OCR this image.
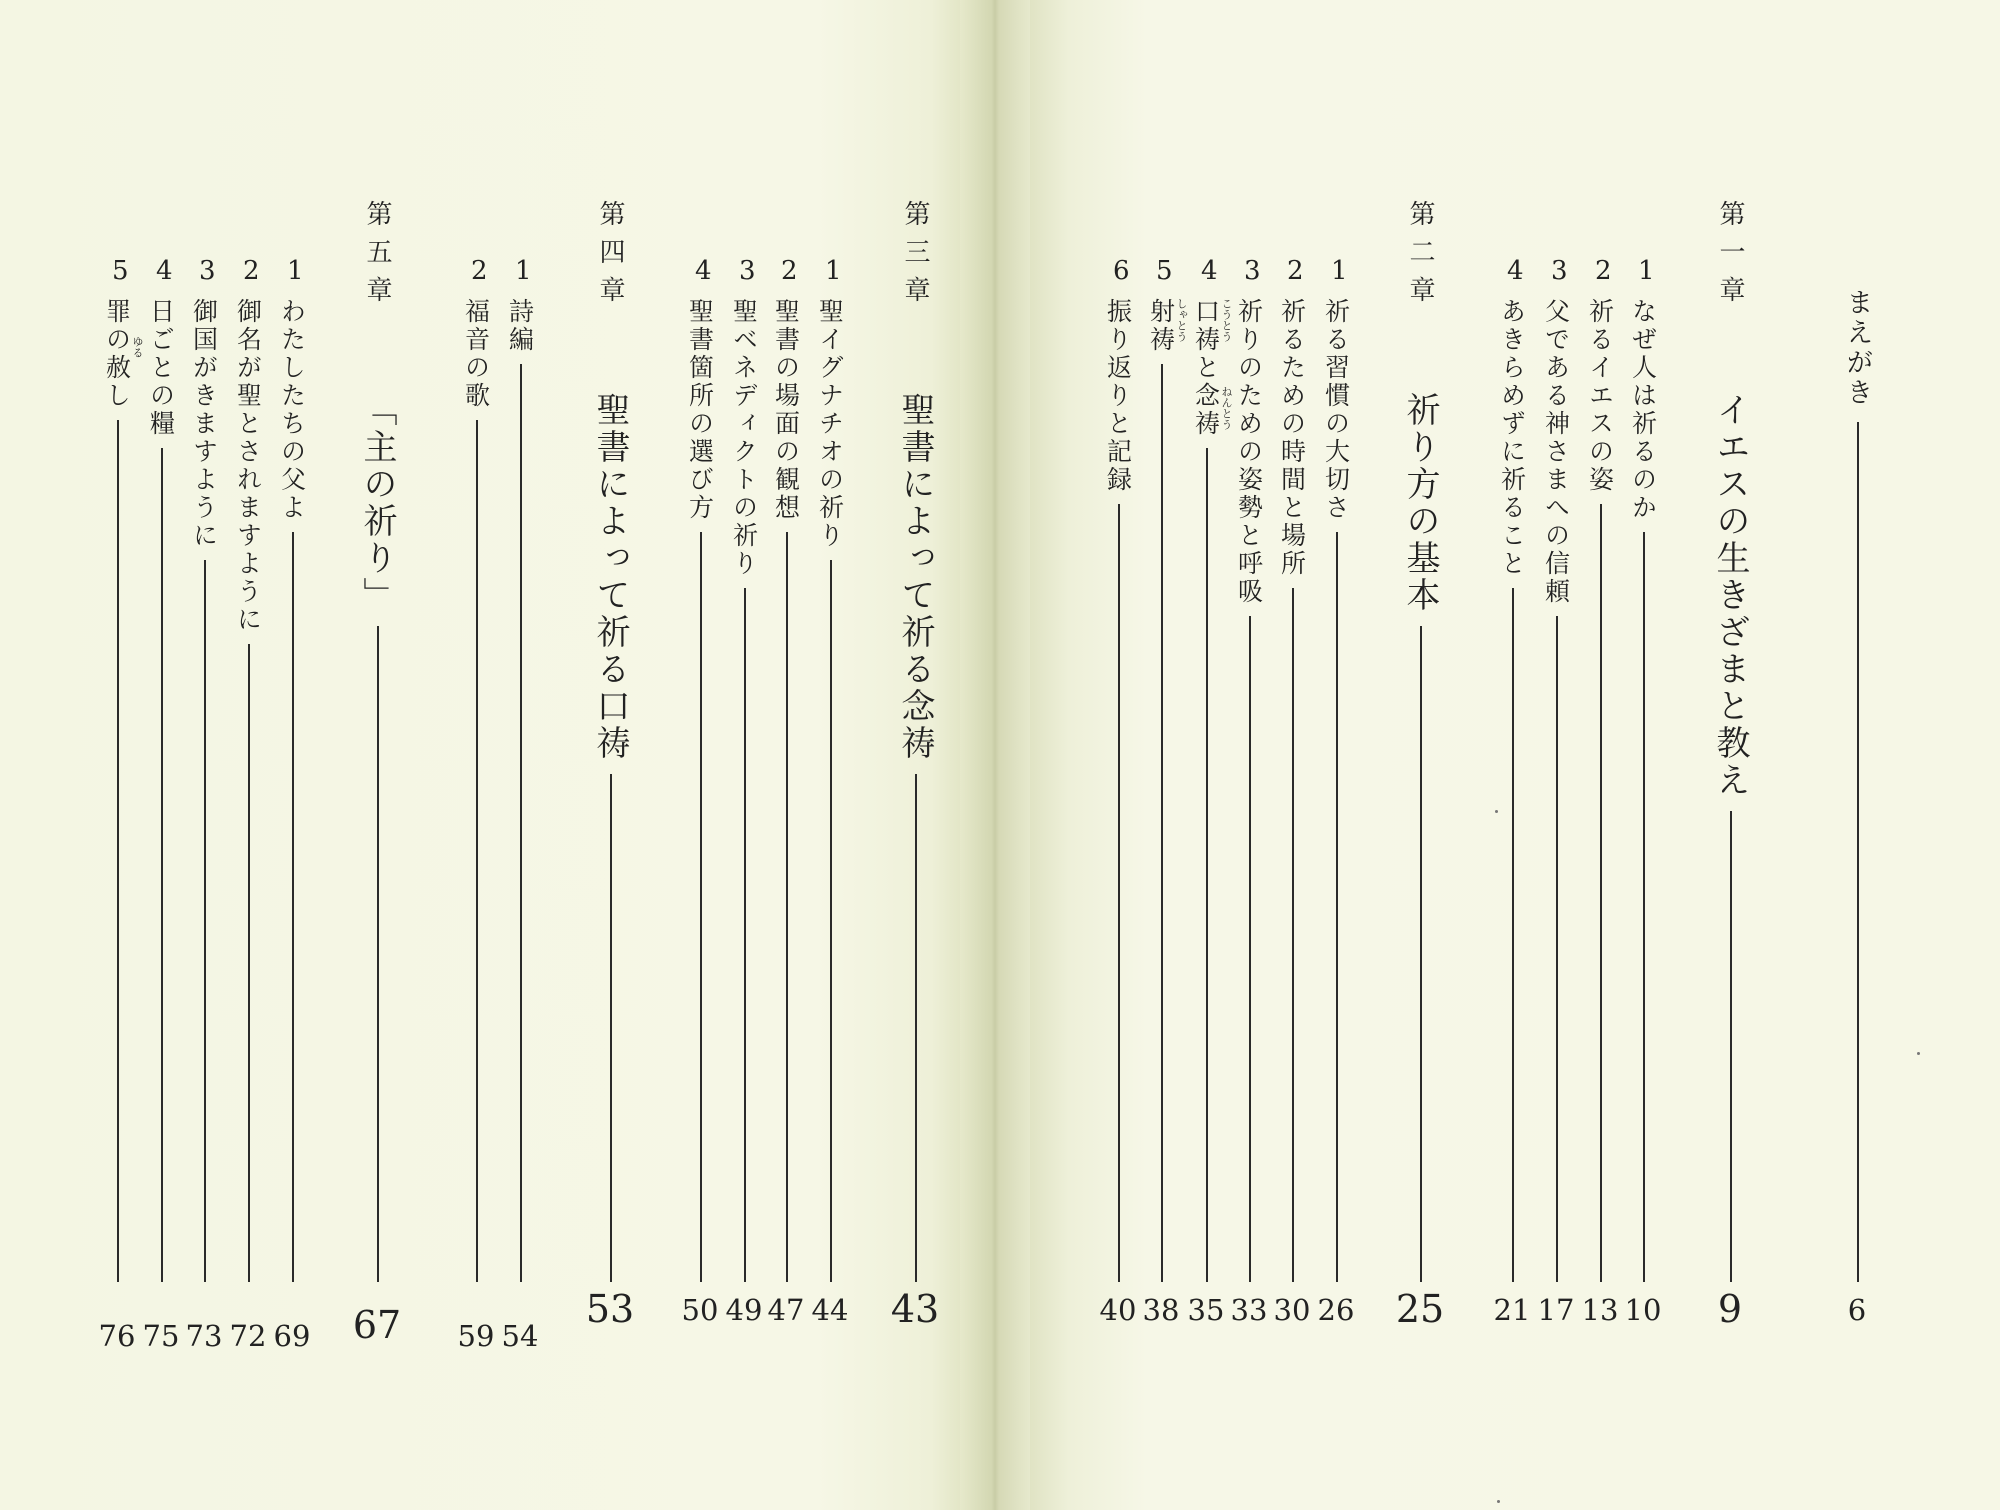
まえがき
6
第一章
イエスの生きざまと教え
9
1
なぜ人は祈るのか
10
2
祈るイエスの姿
13
3
父である神さまへの信頼
17
4
あきらめずに祈ること
21
第二章
祈り方の基本
25
1
祈る習慣の大切さ
26
2
祈るための時間と場所
30
3
祈りのための姿勢と呼吸
33
4
口祷と念祷
35
こうとう
ねんとう
5
射祷
38
しゃとう
6
振り返りと記録
40
第三章
聖書によって祈る念祷
43
1
聖イグナチオの祈り
44
2
聖書の場面の観想
47
3
聖ベネディクトの祈り
49
4
聖書箇所の選び方
50
第四章
聖書によって祈る口祷
53
1
詩編
54
2
福音の歌
59
第五章
「主の祈り」
67
1
わたしたちの父よ
69
2
御名が聖とされますように
72
3
御国がきますように
73
4
日ごとの糧
75
5
罪の赦し
76
ゆる
